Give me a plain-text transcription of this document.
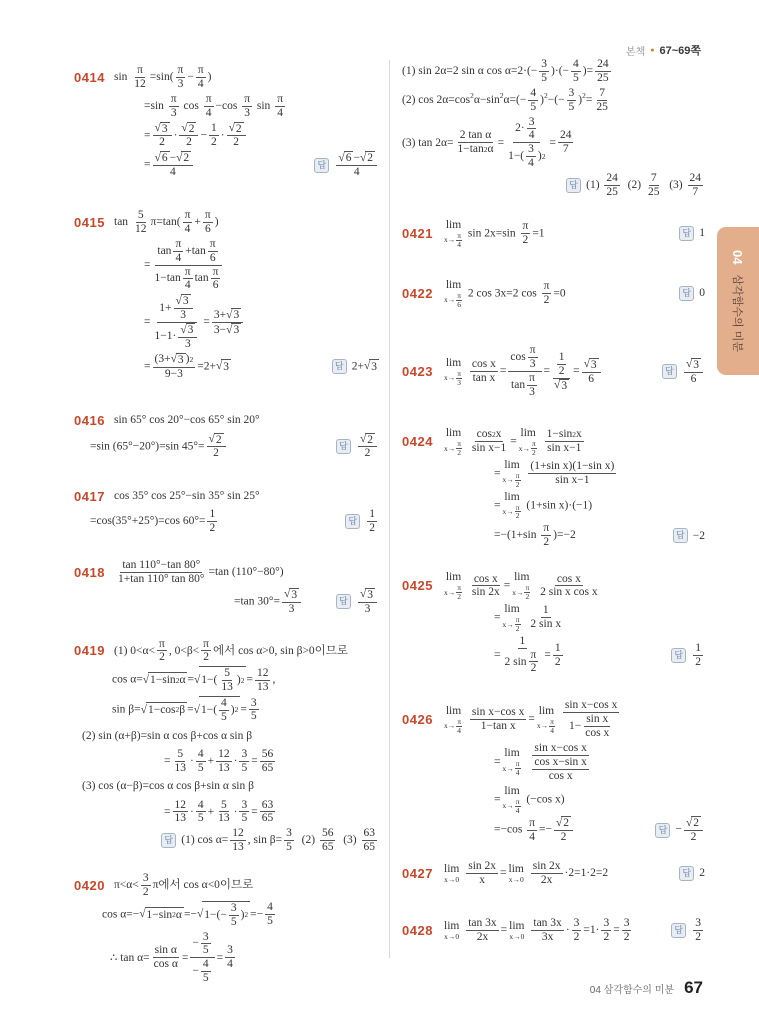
본책 ● 67~69쪽
0414 $\sin \frac{\pi}{12} =\sin( \frac{\pi}{3} - \frac{\pi}{4}$ )
$=\sin \frac{\pi}{3}$ $\cos \frac{\pi}{4} -\cos \frac{\pi}{3}$ $\sin \frac{\pi}{4}$
= $\frac{√ 3}{2} \cdot \frac{√ 2}{2} - \frac{1}{2} \cdot \frac{√ 2}{2}$
= $\frac{√ 6 - √ 2}{4}$	답 $\frac{√ 6 - √ 2}{4}$
0415 $\tan \frac{5}{12} \pi=\tan( \frac{\pi}{4} + \frac{\pi}{6}$ )
= $\frac{\tan \frac{\pi}{4} +\tan \frac{\pi}{6}}{1-\tan \frac{\pi}{4} \tan \frac{\pi}{6}}$
= $\frac{1+ \frac{√ 3}{3}}{1-1\cdot \frac{√ 3}{3}} = \frac{3+ √ 3}{3- √ 3}$
= $\frac{(3+ √ 3 ) 2}{9-3} =2+$ √ 3	답 2+ √ 3
0416 sin 65° cos 20°−cos 65° sin 20°
=sin (65°−20°)=sin $45^\circ= \frac{√ 2}{2}$	답 $\frac{√ 2}{2}$
0417 cos 35° cos 25°−sin 35° sin 25°
=cos(35°+25°)=cos $60^\circ= \frac{1}{2}$	답 $\frac{1}{2}$
$0418 \frac{\tan 110^\circ-\tan 80^\circ}{1+\tan 110^\circ \tan 80^\circ} =\tan$ (110°−80°)
=tan $30^\circ= \frac{√ 3}{3}$	답 $\frac{√ 3}{3}$
0419 (1) $0<\alpha< \frac{\pi}{2}$ , $0<\beta< \frac{\pi}{2}$ 에서 cos α>0, sin β>0이므로
cos α= √ 1−sin 2 α = √ $1-( \frac{5}{13}$ ) $2 = \frac{12}{13}$ ,
sin β= √ 1−cos 2 β = √ $1-( \frac{4}{5}$ ) $2 = \frac{3}{5}$
(2) sin (α+β)=sin α cos β+cos α sin β
= $\frac{5}{13} \cdot \frac{4}{5} + \frac{12}{13} \cdot \frac{3}{5} = \frac{56}{65}$
(3) cos (α−β)=cos α cos β+sin α sin β
= $\frac{12}{13} \cdot \frac{4}{5} + \frac{5}{13} \cdot \frac{3}{5} = \frac{63}{65}$
답 (1) $\cos \alpha= \frac{12}{13}$ , $\sin \beta= \frac{3}{5} (2) \frac{56}{65} (3) \frac{63}{65}$
0420 $\pi<\alpha< \frac{3}{2}$ π에서 cos α<0이므로
cos α=− √ 1−sin 2 α =− √ $1-(- \frac{3}{5}$ ) $2 =- \frac{4}{5}$
∴ $\tan \alpha= \frac{\text{sin α}}{\text{cos α}} = \frac{- \frac{3}{5}}{- \frac{4}{5}} = \frac{3}{4}$
(1) sin 2α=2 sin α $\cos \alpha=2\cdot(- \frac{3}{5}$ )·(− $\frac{4}{5}$ )= $\frac{24}{25}$
(2) $\cos 2\alpha=\cos^2\alpha-\sin^2\alpha=(- \frac{4}{5} )^2-(- \frac{3}{5} )^2= \frac{7}{25}$
(3) $\tan 2\alpha= \frac{\text{2 tan α}}{1-\tan 2 \alpha} = \frac{2\cdot \frac{3}{4}}{1-( \frac{3}{4} ) 2} = \frac{24}{7}$
답 $(1) \frac{24}{25} (2) \frac{7}{25} (3) \frac{24}{7}$
0421
lim
$x\to \frac{\pi}{4}$ $\sin 2x=\sin \frac{\pi}{2} =1$	답 1
0422
lim
$x\to \frac{\pi}{6} 2$ cos 3x=2 $\cos \frac{\pi}{2} =0$	답 0
0423
lim
$x\to \frac{\pi}{3}$
$\frac{\text{cos x}}{\text{tan x}} = \frac{\cos \frac{\pi}{3}}{\tan \frac{\pi}{3}} = \frac{\frac{1}{2}}{√ 3} = \frac{√ 3}{6}$	답 $\frac{√ 3}{6}$
0424
lim
$x\to \frac{\pi}{2}$
$\frac{\cos 2 x}{\text{sin x−1}}$ =
lim
$x\to \frac{\pi}{2}$
$\frac{1-\sin 2 x}{\text{sin x−1}}$
=
lim
$x\to \frac{\pi}{2}$
$\frac{\text{(1+sin x)(1−sin x)}}{\text{sin x−1}}$
=
lim
$x\to \frac{\pi}{2} (1+\sin$ x)·(−1)
$=-(1+\sin \frac{\pi}{2} )=-2$	답 −2
0425
lim
$x\to \frac{\pi}{2}$
$\frac{\text{cos x}}{\sin 2x}$ =
lim
$x\to \frac{\pi}{2}$
$\frac{\text{cos x}}{\text{2 sin x cos x}}$
=
lim
$x\to \frac{\pi}{2}$
$\frac{1}{\text{2 sin x}}$
= $\frac{1}{2 \sin \frac{\pi}{2}} = \frac{1}{2}$	답 $\frac{1}{2}$
0426
lim
$x\to \frac{\pi}{4}$
$\frac{\text{sin x−cos x}}{\text{1−tan x}}$ =
lim
$x\to \frac{\pi}{4}$
$\frac{\text{sin x−cos x}}{1- \frac{\text{sin x}}{\text{cos x}}}$
=
lim
$x\to \frac{\pi}{4}$
$\frac{\text{sin x−cos x}}{\frac{\text{cos x−sin x}}{\text{cos x}}}$
=
lim
$x\to \frac{\pi}{4} (-\cos$ x)
$=-\cos \frac{\pi}{4} =- \frac{√ 2}{2}$	답 − $\frac{√ 2}{2}$
0427 lim
x→0
$\frac{\sin 2x}{x} = \lim$
x→0
$\frac{\sin 2x}{2x} \cdot 2=1\cdot 2=2$	답 2
0428 lim
x→0
$\frac{\tan 3x}{2x} = \lim$
x→0
$\frac{\tan 3x}{3x} \cdot \frac{3}{2} =1\cdot \frac{3}{2} = \frac{3}{2}$	답 $\frac{3}{2}$
04
삼각함수의 미분
04 삼각함수의 미분 67
